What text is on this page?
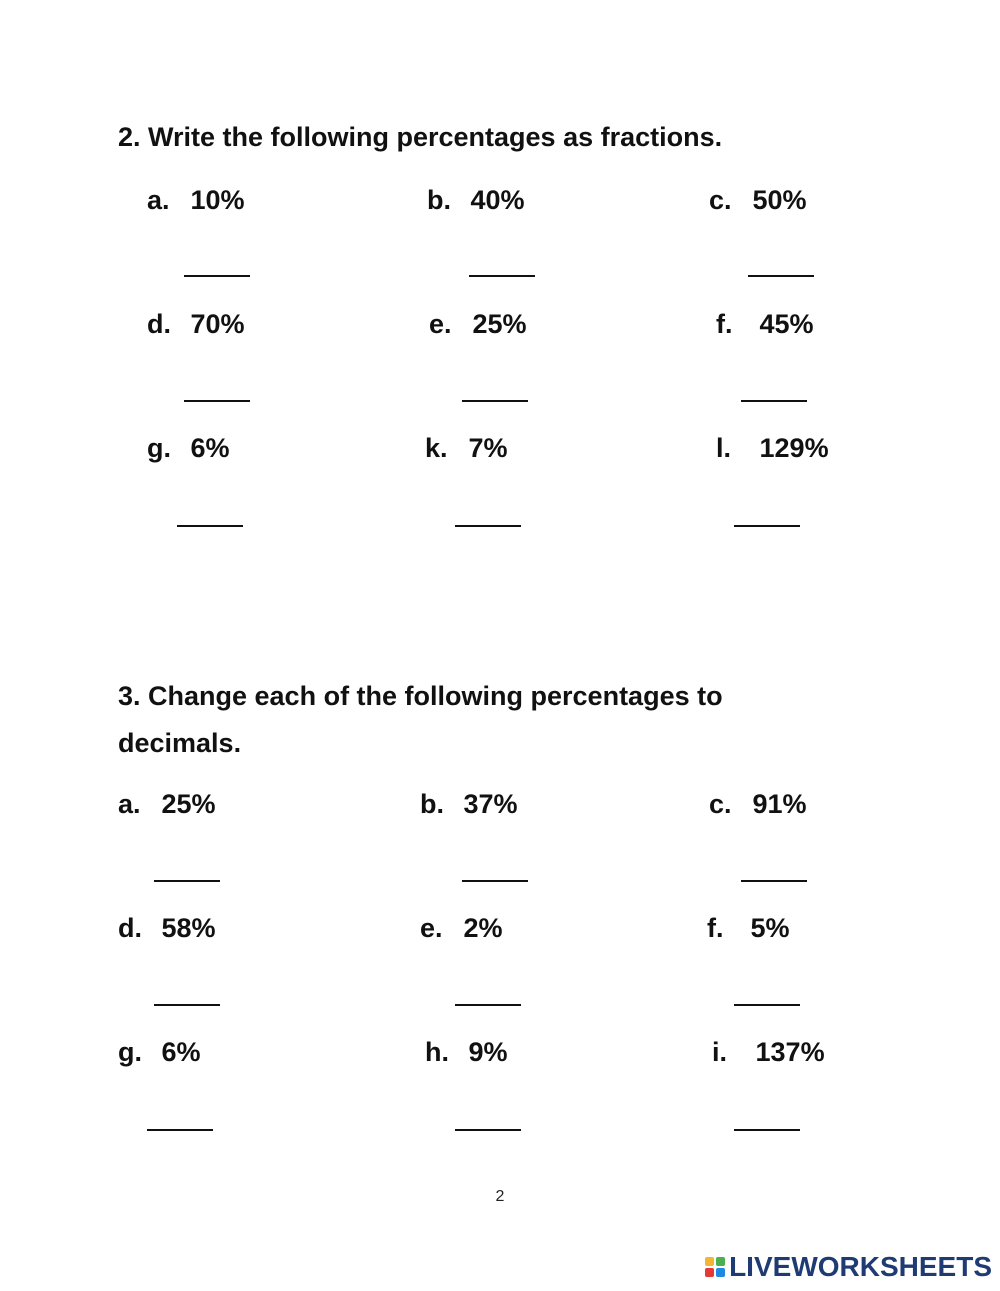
2. Write the following percentages as fractions.
a. 10%	b. 40%	c. 50%
d. 70%	e. 25%	f. 45%
g. 6%	k. 7%	l. 129%
3. Change each of the following percentages to
decimals.
a. 25%	b. 37%	c. 91%
d. 58%	e. 2%	f. 5%
g. 6%	h. 9%	i. 137%
2
LIVEWORKSHEETS
